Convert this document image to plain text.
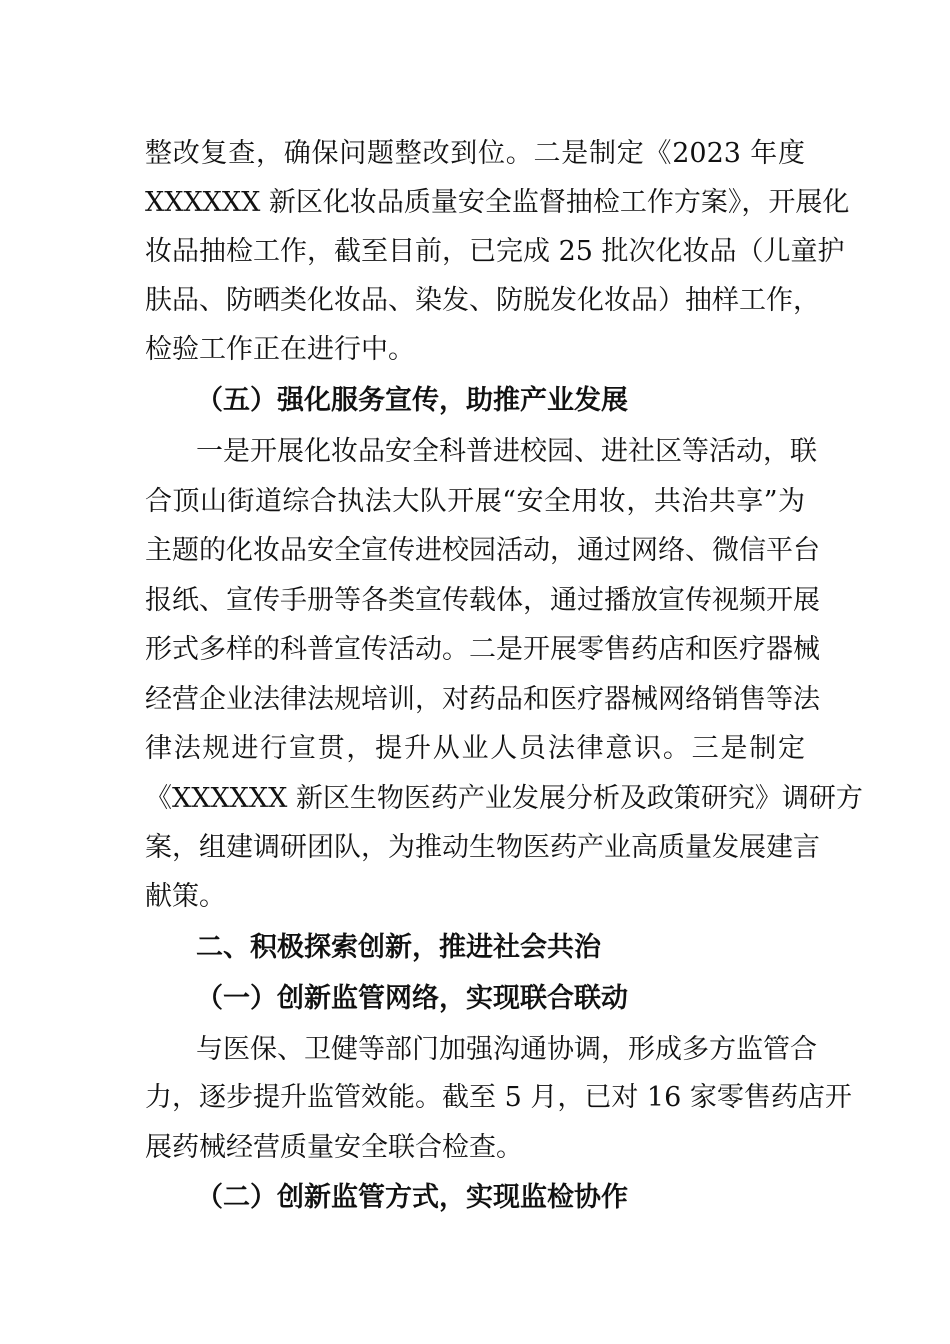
整改复查，确保问题整改到位。二是制定《2023 年度
XXXXXX 新区化妆品质量安全监督抽检工作方案》，开展化
妆品抽检工作，截至目前，已完成 25 批次化妆品（儿童护
肤品、防晒类化妆品、染发、防脱发化妆品）抽样工作，
检验工作正在进行中。
（五）强化服务宣传，助推产业发展
一是开展化妆品安全科普进校园、进社区等活动，联
合顶山街道综合执法大队开展“安全用妆，共治共享”为
主题的化妆品安全宣传进校园活动，通过网络、微信平台
报纸、宣传手册等各类宣传载体，通过播放宣传视频开展
形式多样的科普宣传活动。二是开展零售药店和医疗器械
经营企业法律法规培训，对药品和医疗器械网络销售等法
律法规进行宣贯，提升从业人员法律意识。三是制定
《XXXXXX 新区生物医药产业发展分析及政策研究》调研方
案，组建调研团队，为推动生物医药产业高质量发展建言
献策。
二、积极探索创新，推进社会共治
（一）创新监管网络，实现联合联动
与医保、卫健等部门加强沟通协调，形成多方监管合
力，逐步提升监管效能。截至 5 月，已对 16 家零售药店开
展药械经营质量安全联合检查。
（二）创新监管方式，实现监检协作
